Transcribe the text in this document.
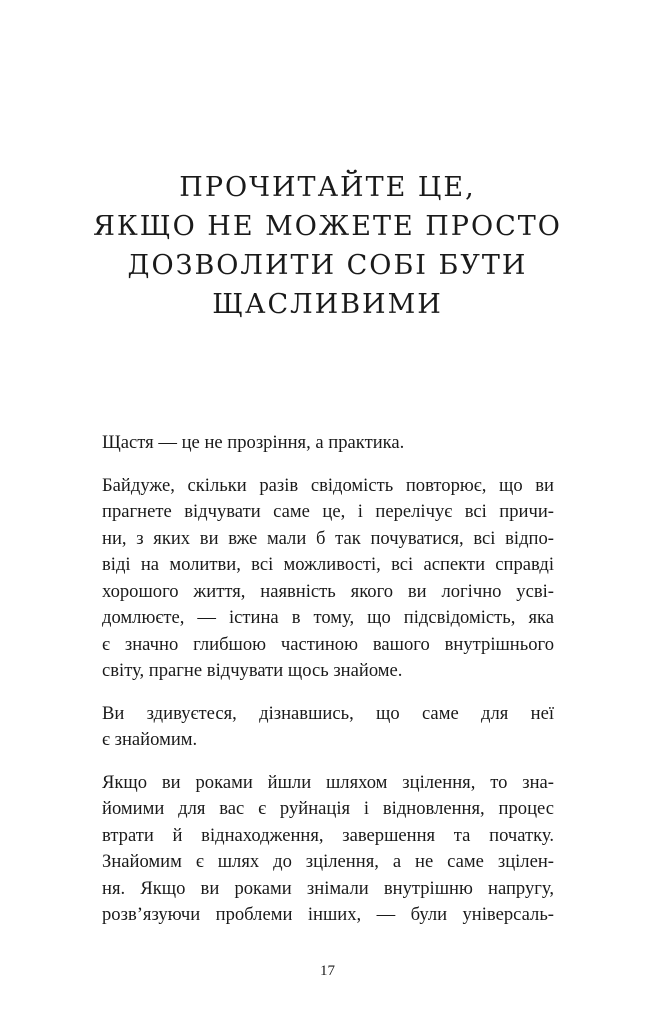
ПРОЧИТАЙТЕ ЦЕ,
ЯКЩО НЕ МОЖЕТЕ ПРОСТО
ДОЗВОЛИТИ СОБІ БУТИ
ЩАСЛИВИМИ

Щастя — це не прозріння, а практика.

Байдуже, скільки разів свідомість повторює, що ви
прагнете відчувати саме це, і перелічує всі причи-
ни, з яких ви вже мали б так почуватися, всі відпо-
віді на молитви, всі можливості, всі аспекти справді
хорошого життя, наявність якого ви логічно усві-
домлюєте, — істина в тому, що підсвідомість, яка
є значно глибшою частиною вашого внутрішнього
світу, прагне відчувати щось знайоме.

Ви здивуєтеся, дізнавшись, що саме для неї
є знайомим.

Якщо ви роками йшли шляхом зцілення, то зна-
йомими для вас є руйнація і відновлення, процес
втрати й віднаходження, завершення та початку.
Знайомим є шлях до зцілення, а не саме зцілен-
ня. Якщо ви роками знімали внутрішню напругу,
розв’язуючи проблеми інших, — були універсаль-

17
